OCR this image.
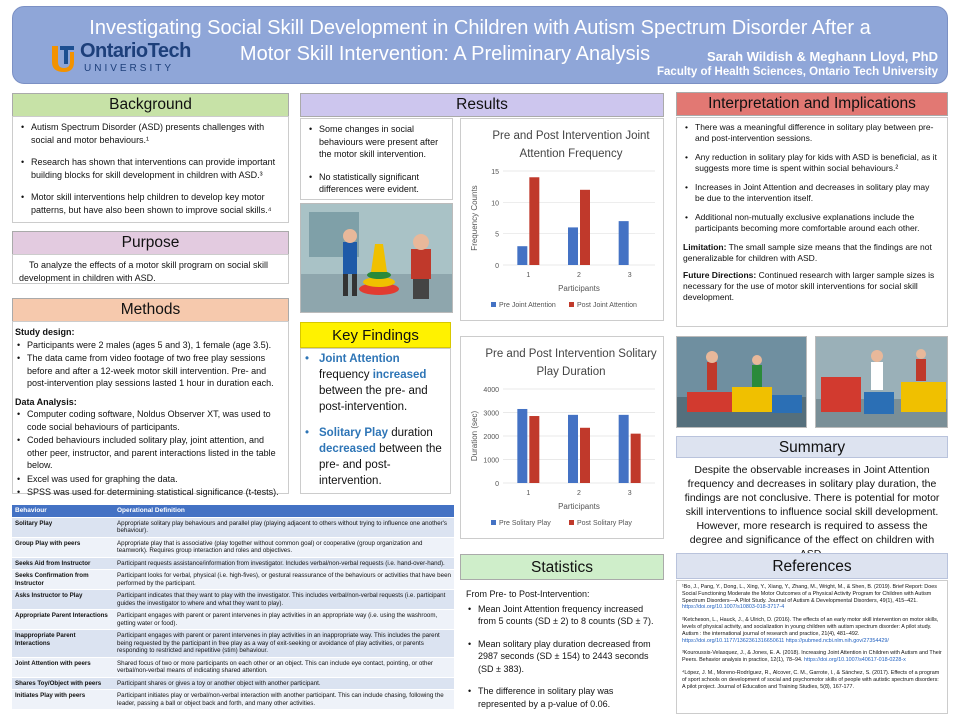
Investigating Social Skill Development in Children with Autism Spectrum Disorder After a
Motor Skill Intervention: A Preliminary Analysis
OntarioTech
UNIVERSITY
Sarah Wildish & Meghann Lloyd, PhD
Faculty of Health Sciences, Ontario Tech University
Background
• Autism Spectrum Disorder (ASD) presents challenges with social and motor behaviours.¹
• Research has shown that interventions can provide important building blocks for skill development in children with ASD.³
• Motor skill interventions help children to develop key motor patterns, but have also been shown to improve social skills.⁴
Purpose
To analyze the effects of a motor skill program on social skill development in children with ASD.
Methods
Study design:
• Participants were 2 males (ages 5 and 3), 1 female (age 3.5).
• The data came from video footage of two free play sessions before and after a 12-week motor skill intervention. Pre- and post-intervention play sessions lasted 1 hour in duration each.
Data Analysis:
• Computer coding software, Noldus Observer XT, was used to code social behaviours of participants.
• Coded behaviours included solitary play, joint attention, and other peer, instructor, and parent interactions listed in the table below.
• Excel was used for graphing the data.
• SPSS was used for determining statistical significance (t-tests).
Behaviour	Operational Definition
Solitary Play	Appropriate solitary play behaviours and parallel play (playing adjacent to others without trying to influence one another's behaviour).
Group Play with peers	Appropriate play that is associative (play together without common goal) or cooperative (group organization and teamwork). Requires group interaction and roles and objectives.
Seeks Aid from Instructor	Participant requests assistance/information from investigator. Includes verbal/non-verbal requests (i.e. hand-over-hand).
Seeks Confirmation from Instructor	Participant looks for verbal, physical (i.e. high-fives), or gestural reassurance of the behaviours or activities that have been performed by the participant.
Asks Instructor to Play	Participant indicates that they want to play with the investigator. This includes verbal/non-verbal requests (i.e. participant guides the investigator to where and what they want to play).
Appropriate Parent Interactions	Participant engages with parent or parent intervenes in play activities in an appropriate way (i.e. using the washroom, getting water or food).
Inappropriate Parent Interactions	Participant engages with parent or parent intervenes in play activities in an inappropriate way. This includes the parent being requested by the participant in free play as a way of exit-seeking or avoidance of play activities, or parents responding to restricted and repetitive (stim) behaviour.
Joint Attention with peers	Shared focus of two or more participants on each other or an object. This can include eye contact, pointing, or other verbal/non-verbal means of indicating shared attention.
Shares Toy/Object with peers	Participant shares or gives a toy or another object with another participant.
Initiates Play with peers	Participant initiates play or verbal/non-verbal interaction with another participant. This can include chasing, following the leader, passing a ball or object back and forth, and many other activities.
Results
• Some changes in social behaviours were present after the motor skill intervention.
• No statistically significant differences were evident.
Pre and Post Intervention Joint
Attention Frequency
0
5
10
15
Frequency Counts
1	2	3
Participants
Pre Joint Attention	Post Joint Attention
Key Findings
• Joint Attention frequency increased between the pre- and post-intervention.
• Solitary Play duration decreased between the pre- and post-intervention.
Pre and Post Intervention Solitary
Play Duration
0
1000
2000
3000
4000
Duration (sec)
1	2	3
Participants
Pre Solitary Play	Post Solitary Play
Statistics
From Pre- to Post-Intervention:
• Mean Joint Attention frequency increased from 5 counts (SD ± 2) to 8 counts (SD ± 7).
• Mean solitary play duration decreased from 2987 seconds (SD ± 154) to 2443 seconds (SD ± 383).
• The difference in solitary play was represented by a p-value of 0.06.
Interpretation and Implications
• There was a meaningful difference in solitary play between pre- and post-intervention sessions.
• Any reduction in solitary play for kids with ASD is beneficial, as it suggests more time is spent within social behaviours.²
• Increases in Joint Attention and decreases in solitary play may be due to the intervention itself.
• Additional non-mutually exclusive explanations include the participants becoming more comfortable around each other.
Limitation: The small sample size means that the findings are not generalizable for children with ASD.
Future Directions: Continued research with larger sample sizes is necessary for the use of motor skill interventions for social skill development.
Summary
Despite the observable increases in Joint Attention frequency and decreases in solitary play duration, the findings are not conclusive. There is potential for motor skill interventions to influence social skill development. However, more research is required to assess the degree and significance of the effect on children with
References
¹Bo, J., Pang, Y., Dong, L., Xing, Y., Xiang, Y., Zhang, M., Wright, M., & Shen, B. (2019). Brief Report: Does Social Functioning Moderate the Motor Outcomes of a Physical Activity Program for Children with Autism Spectrum Disorders—A Pilot Study. Journal of Autism & Developmental Disorders, 49(1), 415–421. https://doi.org/10.1007/s10803-018-3717-4
²Ketcheson, L., Hauck, J., & Ulrich, D. (2016). The effects of an early motor skill intervention on motor skills, levels of physical activity, and socialization in young children with autism spectrum disorder: A pilot study. Autism : the international journal of research and practice, 21(4), 481–492. https://doi.org/10.1177/1362361316650611 https://pubmed.ncbi.nlm.nih.gov/27354429/
³Kouroussis-Velasquez, J., & Jones, E. A. (2018). Increasing Joint Attention in Children with Autism and Their Peers. Behavior analysis in practice, 12(1), 78–94. https://doi.org/10.1007/s40617-018-0228-x
⁴López, J. M., Moreno-Rodríguez, R., Alcover, C. M., Garrote, I., & Sánchez, S. (2017). Effects of a program of sport schools on development of social and psychomotor skills of people with autistic spectrum disorders: A pilot project. Journal of Education and Training Studies, 5(8), 167-177.
